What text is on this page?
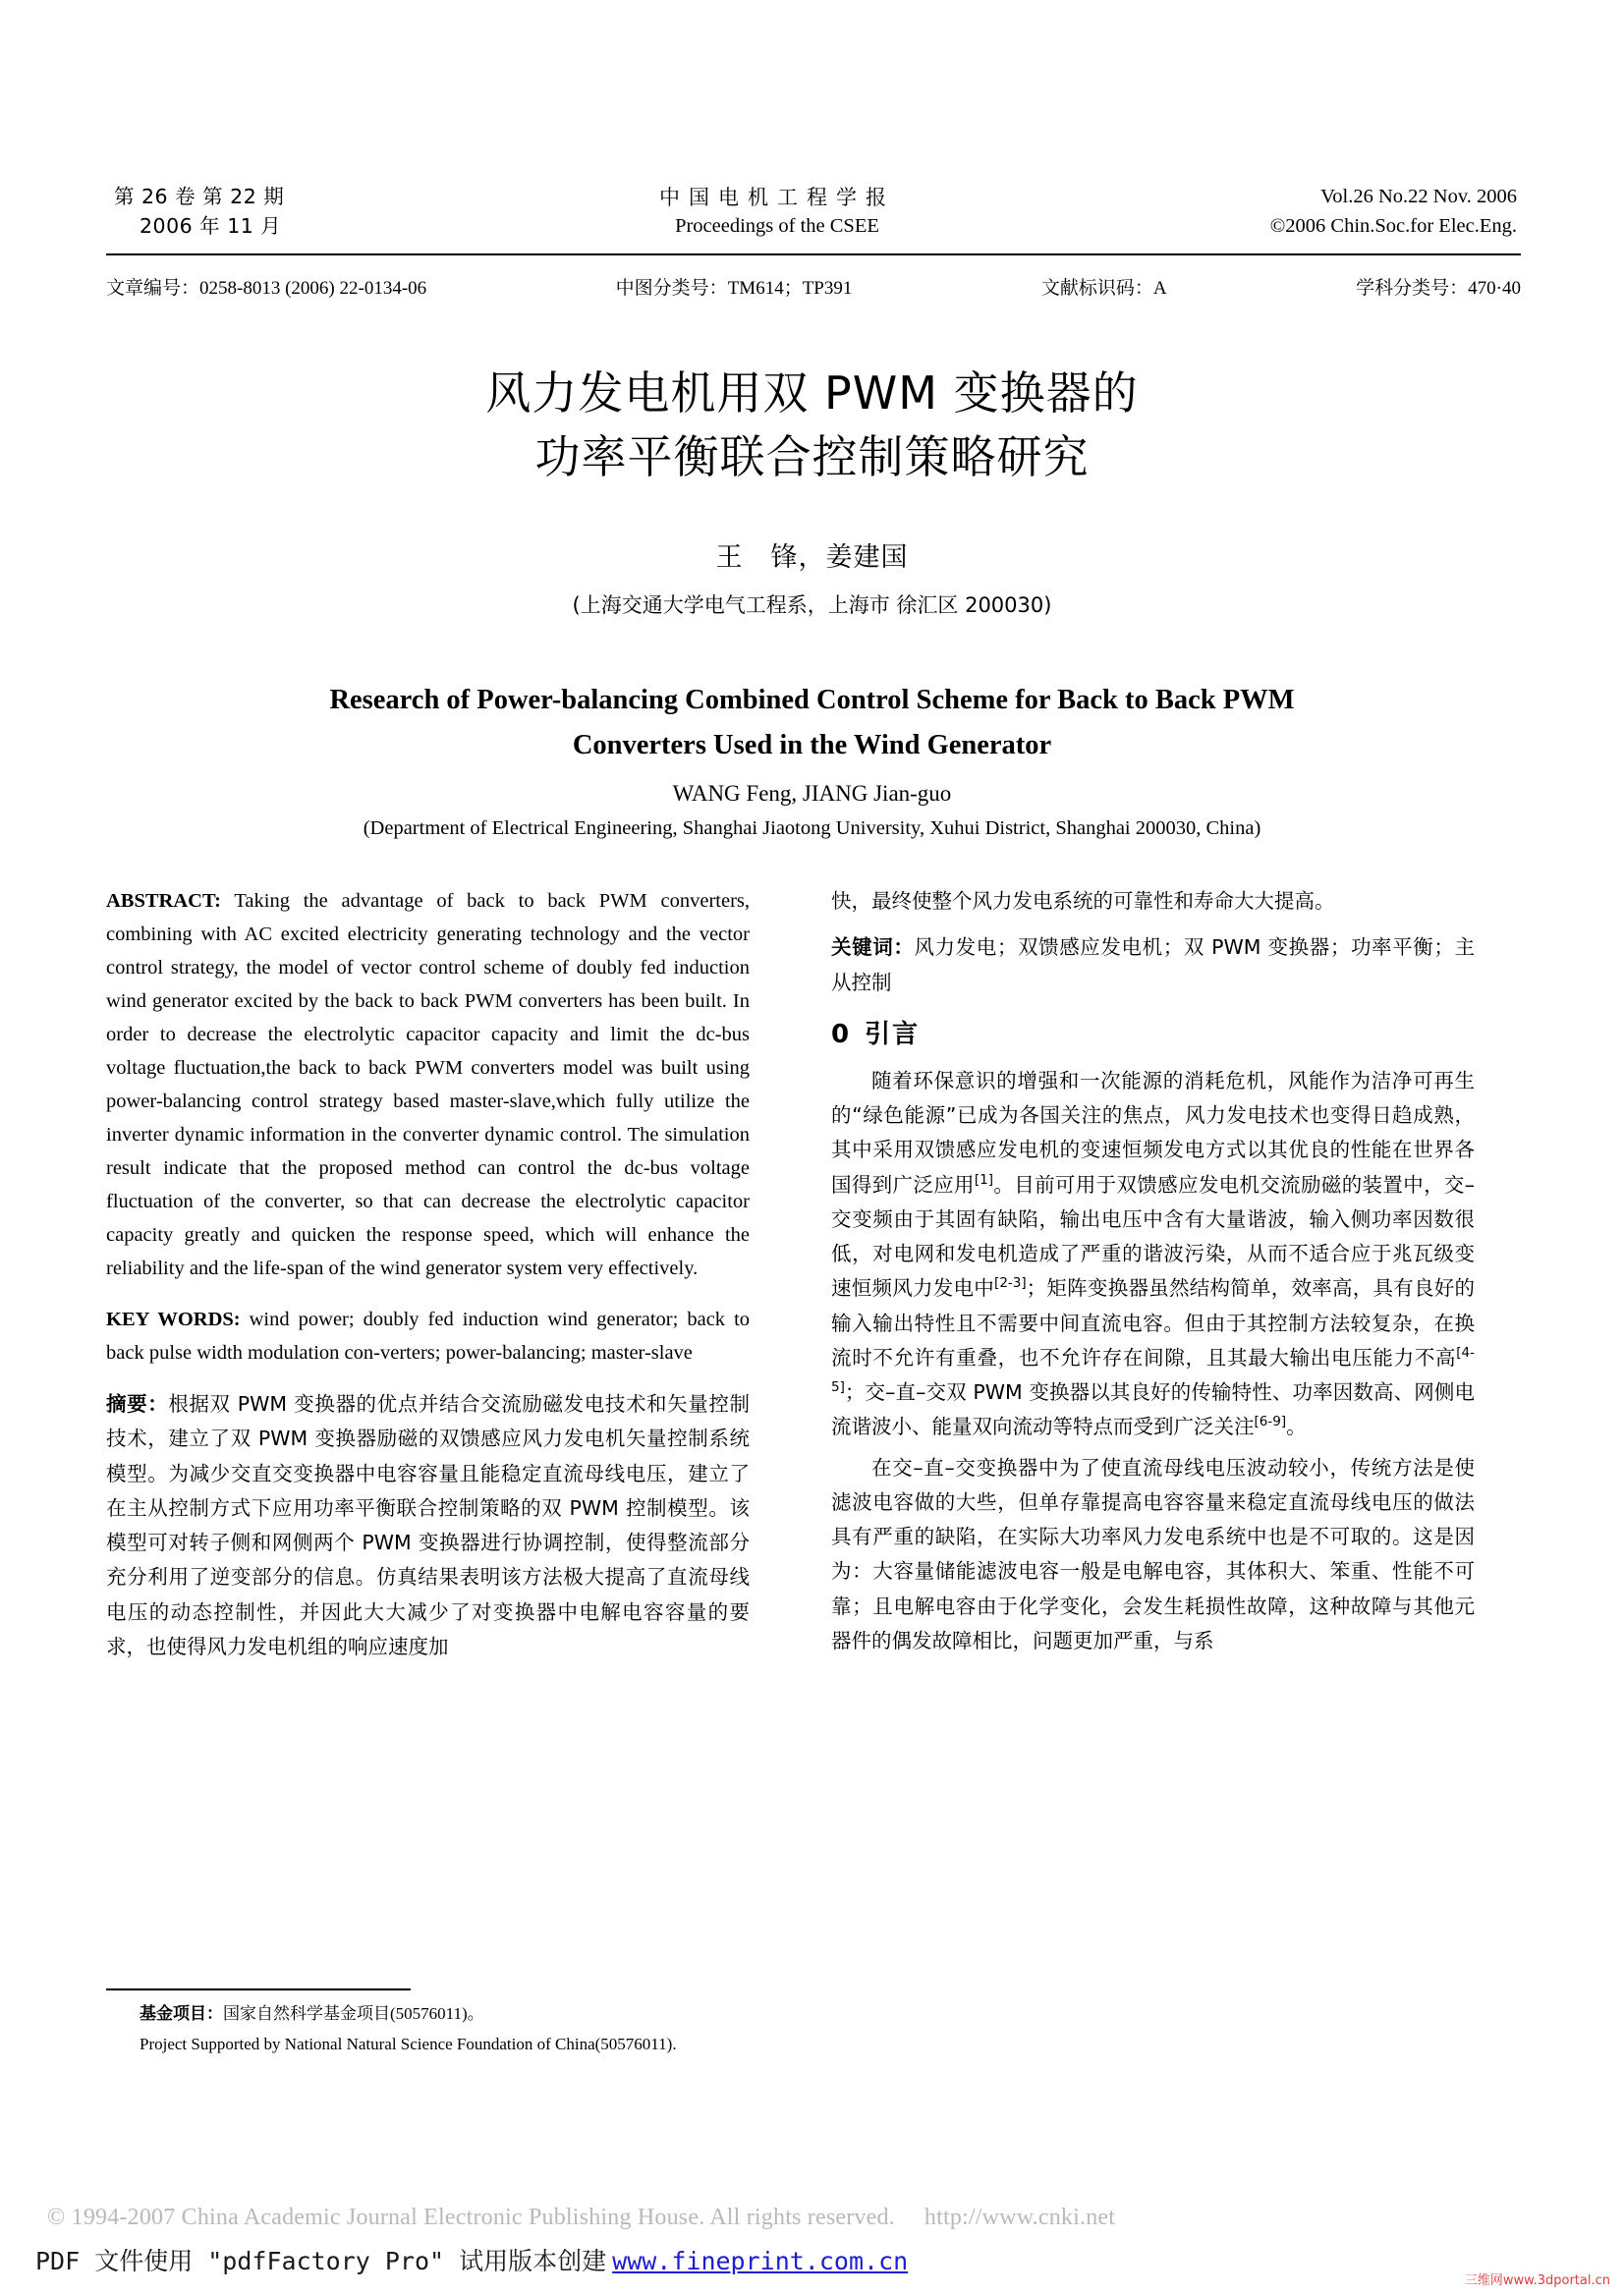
第 26 卷 第 22 期
2006 年 11 月
中国电机工程学报
Proceedings of the CSEE
Vol.26 No.22 Nov. 2006
©2006 Chin.Soc.for Elec.Eng.
文章编号：0258-8013 (2006) 22-0134-06	中图分类号：TM614；TP391	文献标识码：A	学科分类号：470·40
风力发电机用双 PWM 变换器的
功率平衡联合控制策略研究
王　锋，姜建国
(上海交通大学电气工程系，上海市 徐汇区 200030)
Research of Power-balancing Combined Control Scheme for Back to Back PWM
Converters Used in the Wind Generator
WANG Feng, JIANG Jian-guo
(Department of Electrical Engineering, Shanghai Jiaotong University, Xuhui District, Shanghai 200030, China)

ABSTRACT: Taking the advantage of back to back PWM converters, combining with AC excited electricity generating technology and the vector control strategy, the model of vector control scheme of doubly fed induction wind generator excited by the back to back PWM converters has been built. In order to decrease the electrolytic capacitor capacity and limit the dc-bus voltage fluctuation,the back to back PWM converters model was built using power-balancing control strategy based master-slave,which fully utilize the inverter dynamic information in the converter dynamic control. The simulation result indicate that the proposed method can control the dc-bus voltage fluctuation of the converter, so that can decrease the electrolytic capacitor capacity greatly and quicken the response speed, which will enhance the reliability and the life-span of the wind generator system very effectively.

KEY WORDS: wind power; doubly fed induction wind generator; back to back pulse width modulation con-verters; power-balancing; master-slave

摘要：根据双 PWM 变换器的优点并结合交流励磁发电技术和矢量控制技术，建立了双 PWM 变换器励磁的双馈感应风力发电机矢量控制系统模型。为减少交直交变换器中电容容量且能稳定直流母线电压，建立了在主从控制方式下应用功率平衡联合控制策略的双 PWM 控制模型。该模型可对转子侧和网侧两个 PWM 变换器进行协调控制，使得整流部分充分利用了逆变部分的信息。仿真结果表明该方法极大提高了直流母线电压的动态控制性，并因此大大减少了对变换器中电解电容容量的要求，也使得风力发电机组的响应速度加

快，最终使整个风力发电系统的可靠性和寿命大大提高。

关键词：风力发电；双馈感应发电机；双 PWM 变换器；功率平衡；主从控制

0 引言

随着环保意识的增强和一次能源的消耗危机，风能作为洁净可再生的“绿色能源”已成为各国关注的焦点，风力发电技术也变得日趋成熟，其中采用双馈感应发电机的变速恒频发电方式以其优良的性能在世界各国得到广泛应用[1]。目前可用于双馈感应发电机交流励磁的装置中，交–交变频由于其固有缺陷，输出电压中含有大量谐波，输入侧功率因数很低，对电网和发电机造成了严重的谐波污染，从而不适合应于兆瓦级变速恒频风力发电中[2-3]；矩阵变换器虽然结构简单，效率高，具有良好的输入输出特性且不需要中间直流电容。但由于其控制方法较复杂，在换流时不允许有重叠，也不允许存在间隙，且其最大输出电压能力不高[4-5]；交–直–交双 PWM 变换器以其良好的传输特性、功率因数高、网侧电流谐波小、能量双向流动等特点而受到广泛关注[6-9]。

在交–直–交变换器中为了使直流母线电压波动较小，传统方法是使滤波电容做的大些，但单存靠提高电容容量来稳定直流母线电压的做法具有严重的缺陷，在实际大功率风力发电系统中也是不可取的。这是因为：大容量储能滤波电容一般是电解电容，其体积大、笨重、性能不可靠；且电解电容由于化学变化，会发生耗损性故障，这种故障与其他元器件的偶发故障相比，问题更加严重，与系

基金项目：国家自然科学基金项目(50576011)。

Project Supported by National Natural Science Foundation of China(50576011).

© 1994-2007 China Academic Journal Electronic Publishing House. All rights reserved. http://www.cnki.net
PDF 文件使用 "pdfFactory Pro" 试用版本创建 www.fineprint.com.cn
三维网www.3dportal.cn
